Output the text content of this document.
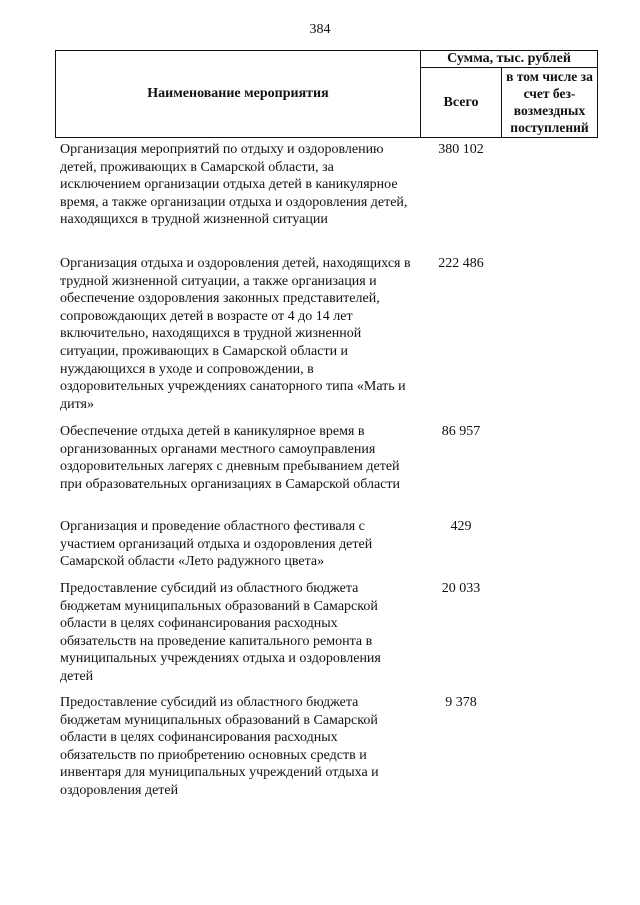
384
Наименование мероприятия
Сумма, тыс. рублей
Всего
в том числе за счет без- возмездных поступлений
Организация мероприятий по отдыху и оздоровлению детей, проживающих в Самарской области, за исключением организации отдыха детей в каникулярное время, а также организации отдыха и оздоровления детей, находящихся в трудной жизненной ситуации
380 102
Организация отдыха и оздоровления детей, находящихся в трудной жизненной ситуации, а также организация и обеспечение оздоровления законных представителей, сопровождающих детей в возрасте от 4 до 14 лет включительно, находящихся в трудной жизненной ситуации, проживающих в Самарской области и нуждающихся в уходе и сопровождении, в оздоровительных учреждениях санаторного типа «Мать и дитя»
222 486
Обеспечение отдыха детей в каникулярное время в организованных органами местного самоуправления оздоровительных лагерях с дневным пребыванием детей при образовательных организациях в Самарской области
86 957
Организация и проведение областного фестиваля с участием организаций отдыха и оздоровления детей Самарской области «Лето радужного цвета»
429
Предоставление субсидий из областного бюджета бюджетам муниципальных образований в Самарской области в целях софинансирования расходных обязательств на проведение капитального ремонта в муниципальных учреждениях отдыха и оздоровления детей
20 033
Предоставление субсидий из областного бюджета бюджетам муниципальных образований в Самарской области в целях софинансирования расходных обязательств по приобретению основных средств и инвентаря для муниципальных учреждений отдыха и оздоровления детей
9 378
